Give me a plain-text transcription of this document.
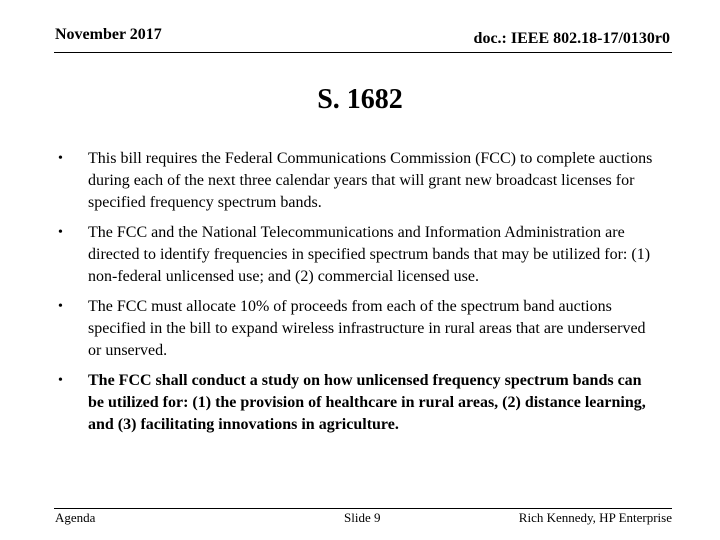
November 2017	doc.: IEEE 802.18-17/0130r0
S. 1682
• This bill requires the Federal Communications Commission (FCC) to complete auctions during each of the next three calendar years that will grant new broadcast licenses for specified frequency spectrum bands.
• The FCC and the National Telecommunications and Information Administration are directed to identify frequencies in specified spectrum bands that may be utilized for: (1) non-federal unlicensed use; and (2) commercial licensed use.
• The FCC must allocate 10% of proceeds from each of the spectrum band auctions specified in the bill to expand wireless infrastructure in rural areas that are underserved or unserved.
• The FCC shall conduct a study on how unlicensed frequency spectrum bands can be utilized for: (1) the provision of healthcare in rural areas, (2) distance learning, and (3) facilitating innovations in agriculture.
Agenda	Slide 9	Rich Kennedy, HP Enterprise
